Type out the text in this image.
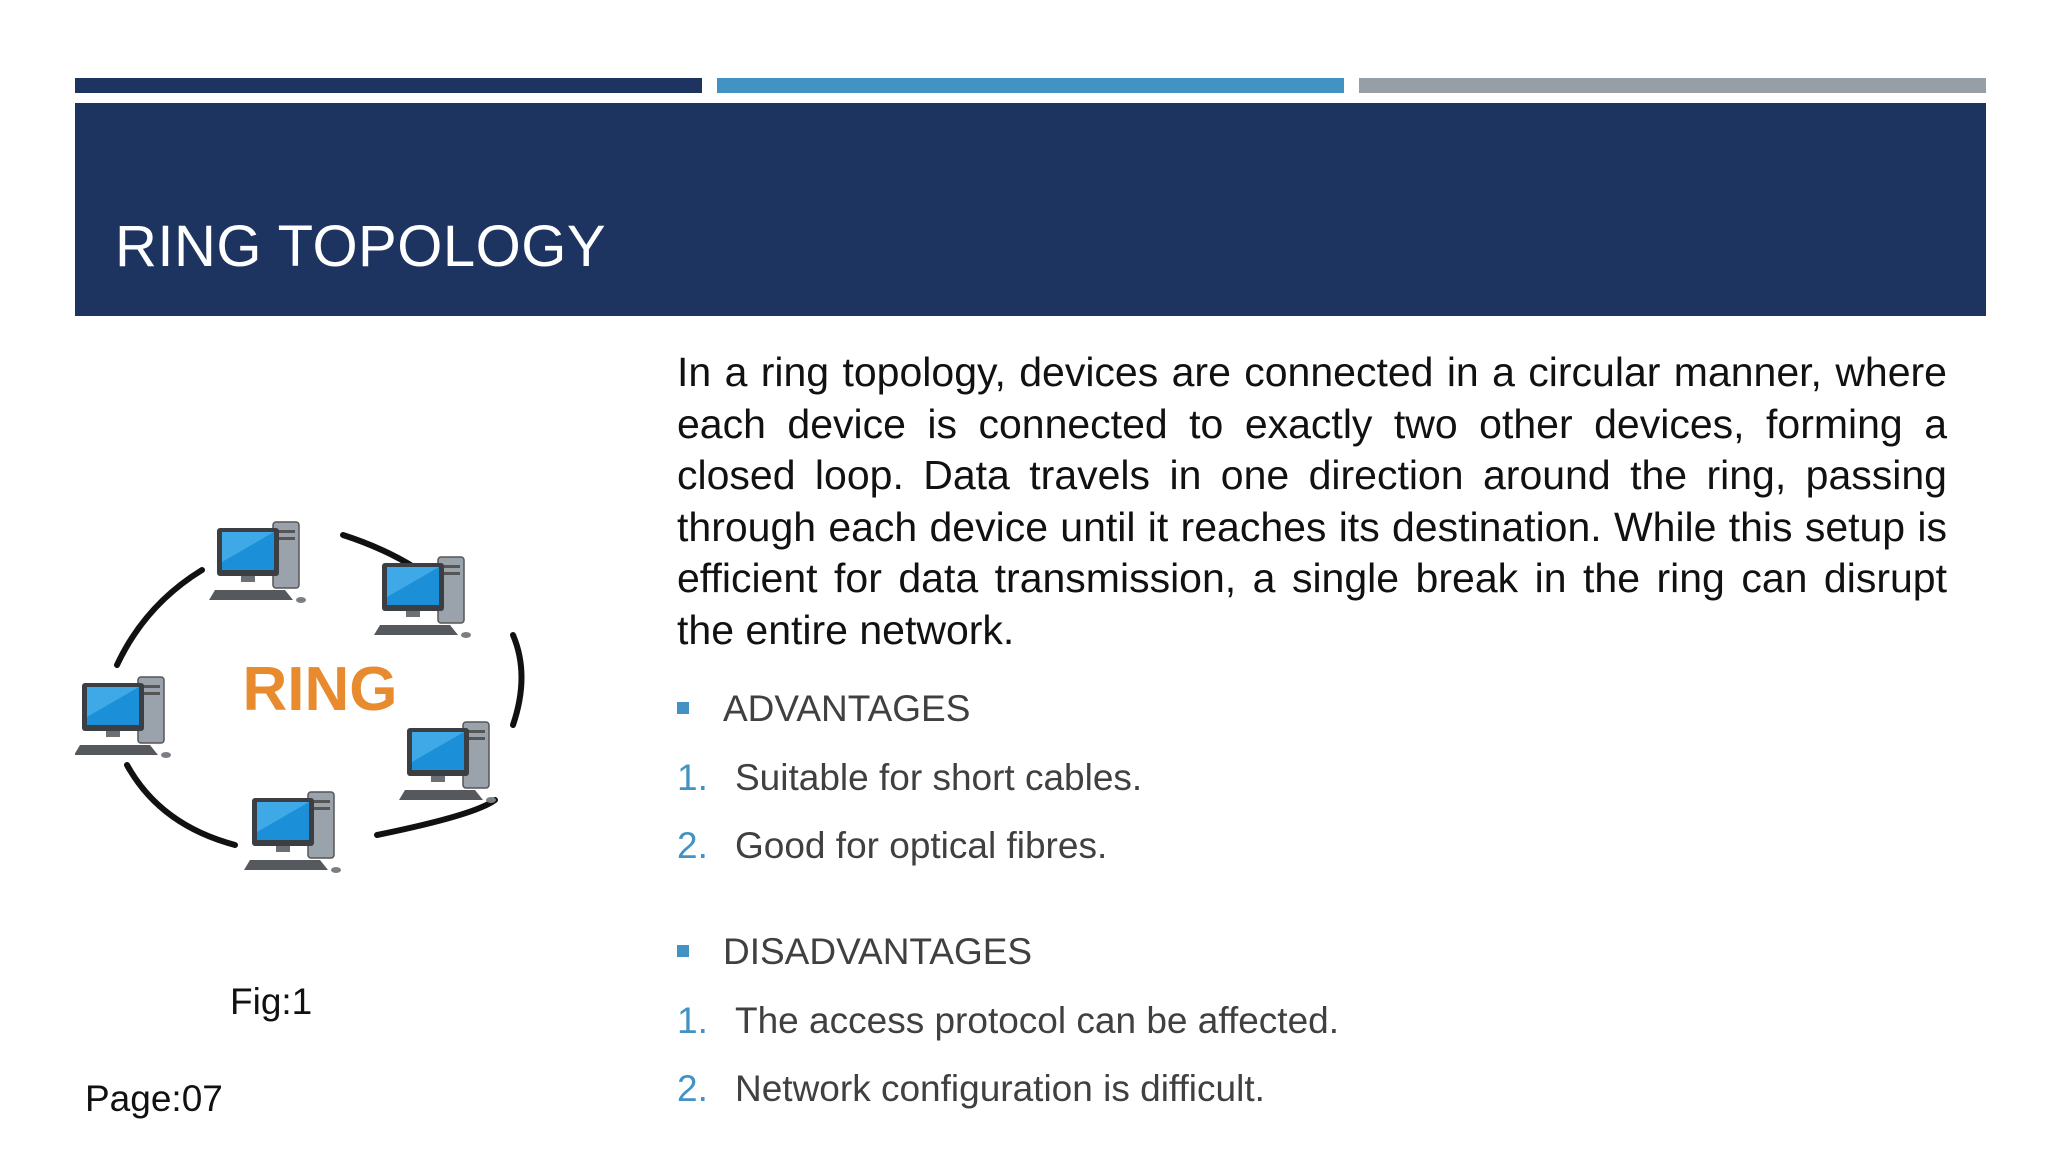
RING TOPOLOGY
RING

In a ring topology, devices are connected in a circular manner, where each device is connected to exactly two other devices, forming a closed loop. Data travels in one direction around the ring, passing through each device until it reaches its destination. While this setup is efficient for data transmission, a single break in the ring can disrupt the entire network.

ADVANTAGES
1. Suitable for short cables.
2. Good for optical fibres.
DISADVANTAGES
1. The access protocol can be affected.
2. Network configuration is difficult.
Fig:1
Page:07
